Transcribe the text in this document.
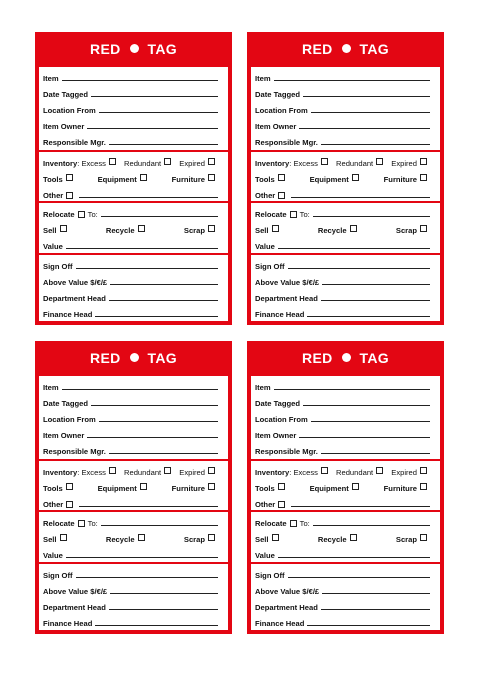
RED TAG
Item
Date Tagged
Location From
Item Owner
Responsible Mgr.
Inventory: Excess	Redundant	Expired
Tools	Equipment	Furniture
Other
Relocate To:
Sell	Recycle	Scrap
Value
Sign Off
Above Value $/€/£
Department Head
Finance Head
RED TAG
Item
Date Tagged
Location From
Item Owner
Responsible Mgr.
Inventory: Excess	Redundant	Expired
Tools	Equipment	Furniture
Other
Relocate To:
Sell	Recycle	Scrap
Value
Sign Off
Above Value $/€/£
Department Head
Finance Head
RED TAG
Item
Date Tagged
Location From
Item Owner
Responsible Mgr.
Inventory: Excess	Redundant	Expired
Tools	Equipment	Furniture
Other
Relocate To:
Sell	Recycle	Scrap
Value
Sign Off
Above Value $/€/£
Department Head
Finance Head
RED TAG
Item
Date Tagged
Location From
Item Owner
Responsible Mgr.
Inventory: Excess	Redundant	Expired
Tools	Equipment	Furniture
Other
Relocate To:
Sell	Recycle	Scrap
Value
Sign Off
Above Value $/€/£
Department Head
Finance Head
